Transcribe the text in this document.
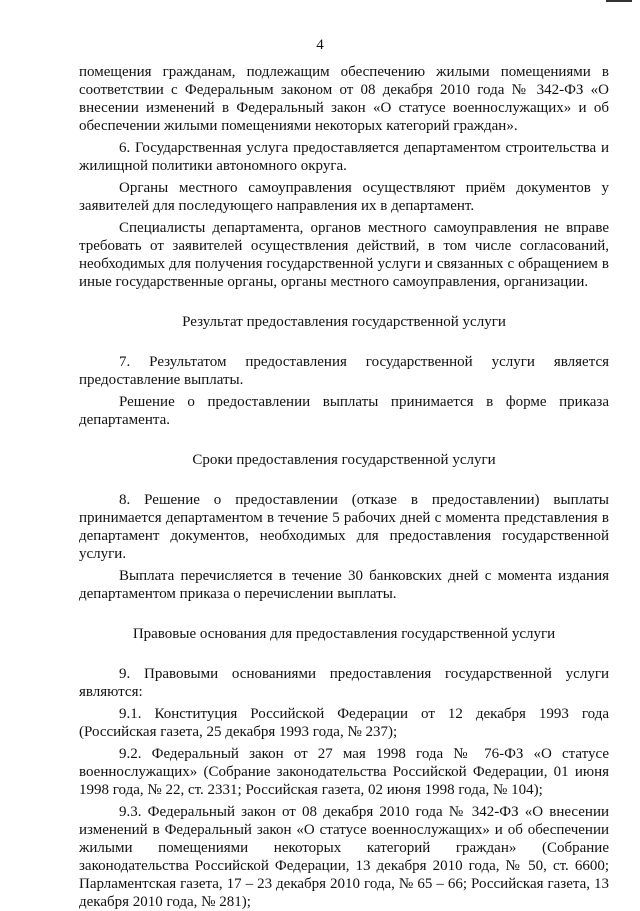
4

помещения гражданам, подлежащим обеспечению жилыми помещениями в соответствии с Федеральным законом от 08 декабря 2010 года № 342-ФЗ «О внесении изменений в Федеральный закон «О статусе военнослужащих» и об обеспечении жилыми помещениями некоторых категорий граждан».

6. Государственная услуга предоставляется департаментом строительства и жилищной политики автономного округа.

Органы местного самоуправления осуществляют приём документов у заявителей для последующего направления их в департамент.

Специалисты департамента, органов местного самоуправления не вправе требовать от заявителей осуществления действий, в том числе согласований, необходимых для получения государственной услуги и связанных с обращением в иные государственные органы, органы местного самоуправления, организации.

Результат предоставления государственной услуги

7. Результатом предоставления государственной услуги является предоставление выплаты.

Решение о предоставлении выплаты принимается в форме приказа департамента.

Сроки предоставления государственной услуги

8. Решение о предоставлении (отказе в предоставлении) выплаты принимается департаментом в течение 5 рабочих дней с момента представления в департамент документов, необходимых для предоставления государственной услуги.

Выплата перечисляется в течение 30 банковских дней с момента издания департаментом приказа о перечислении выплаты.

Правовые основания для предоставления государственной услуги

9. Правовыми основаниями предоставления государственной услуги являются:

9.1. Конституция Российской Федерации от 12 декабря 1993 года (Российская газета, 25 декабря 1993 года, № 237);

9.2. Федеральный закон от 27 мая 1998 года № 76-ФЗ «О статусе военнослужащих» (Собрание законодательства Российской Федерации, 01 июня 1998 года, № 22, ст. 2331; Российская газета, 02 июня 1998 года, № 104);

9.3. Федеральный закон от 08 декабря 2010 года № 342-ФЗ «О внесении изменений в Федеральный закон «О статусе военнослужащих» и об обеспечении жилыми помещениями некоторых категорий граждан» (Собрание законодательства Российской Федерации, 13 декабря 2010 года, № 50, ст. 6600; Парламентская газета, 17 – 23 декабря 2010 года, № 65 – 66; Российская газета, 13 декабря 2010 года, № 281);
